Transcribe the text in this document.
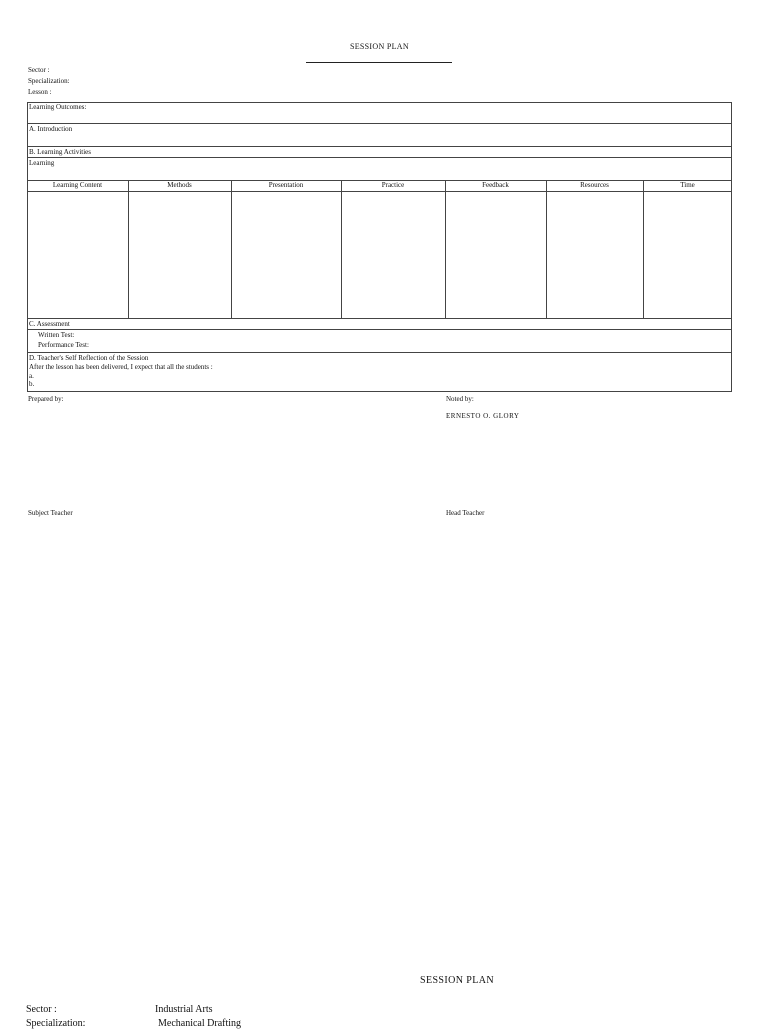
SESSION PLAN
Sector :
Specialization:
Lesson :
Learning Outcomes:
A. Introduction
B. Learning Activities
Learning
Learning Content	Methods	Presentation	Practice	Feedback	Resources	Time
C. Assessment
Written Test:
Performance Test:
D. Teacher's Self Reflection of the Session
After the lesson has been delivered, I expect that all the students :
a.
b.
Prepared by:	Noted by:
ERNESTO O. GLORY
Subject Teacher	Head Teacher
SESSION PLAN
Sector :	Industrial Arts
Specialization:	Mechanical Drafting
